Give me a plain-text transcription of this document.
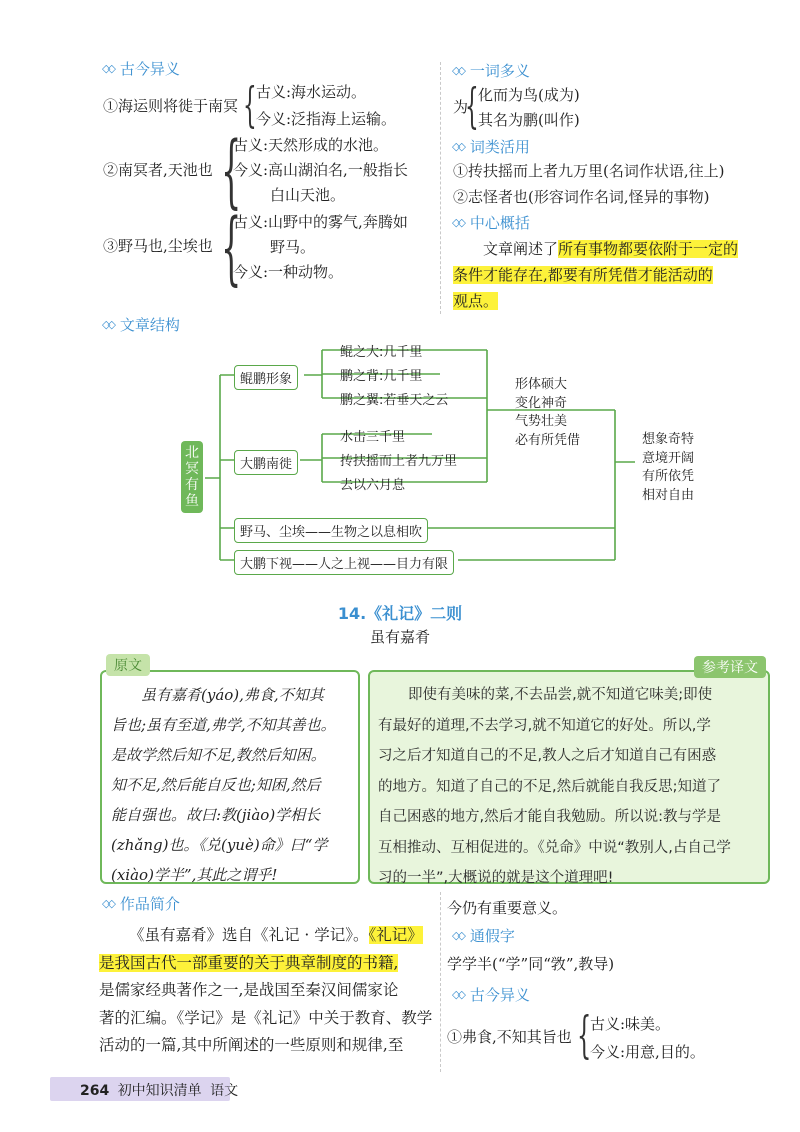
◇◇ 古今异义
①海运则将徙于南冥 { 古义:海水运动。
今义:泛指海上运输。
②南冥者,天池也 {
古义:天然形成的水池。
今义:高山湖泊名,一般指长
白山天池。
③野马也,尘埃也 {
古义:山野中的雾气,奔腾如
野马。
今义:一种动物。
◇◇ 一词多义
为
{ 化而为鸟(成为)
其名为鹏(叫作)
◇◇ 词类活用
①抟扶摇而上者九万里(名词作状语,往上)
②志怪者也(形容词作名词,怪异的事物)
◇◇ 中心概括
文章阐述了所有事物都要依附于一定的
条件才能存在,都要有所凭借才能活动的
观点。
◇◇ 文章结构
北冥有鱼
鲲鹏形象
鲲之大:几千里
鹏之背:几千里
鹏之翼:若垂天之云
大鹏南徙
水击三千里
抟扶摇而上者九万里
去以六月息
野马、尘埃——生物之以息相吹
大鹏下视——人之上视——目力有限
形体硕大
变化神奇
气势壮美
必有所凭借	想象奇特
意境开阔
有所依凭
相对自由
14.《礼记》二则
虽有嘉肴
原文
虽有嘉肴(yáo),弗食,不知其
旨也;虽有至道,弗学,不知其善也。
是故学然后知不足,教然后知困。
知不足,然后能自反也;知困,然后
能自强也。故曰:教(jiào)学相长
(zhǎng)也。《兑(yuè)命》曰“学
(xiào)学半”,其此之谓乎!
参考译文
即使有美味的菜,不去品尝,就不知道它味美;即使
有最好的道理,不去学习,就不知道它的好处。所以,学
习之后才知道自己的不足,教人之后才知道自己有困惑
的地方。知道了自己的不足,然后就能自我反思;知道了
自己困惑的地方,然后才能自我勉励。所以说:教与学是
互相推动、互相促进的。《兑命》中说“教别人,占自己学
习的一半”,大概说的就是这个道理吧!
◇◇ 作品简介
《虽有嘉肴》选自《礼记 · 学记》。《礼记》
是我国古代一部重要的关于典章制度的书籍,
是儒家经典著作之一,是战国至秦汉间儒家论
著的汇编。《学记》是《礼记》中关于教育、教学
活动的一篇,其中所阐述的一些原则和规律,至
今仍有重要意义。
◇◇ 通假字
学学半(“学”同“敩”,教导)
◇◇ 古今异义
①弗食,不知其旨也 {
古义:味美。
今义:用意,目的。
264 初中知识清单 语文
